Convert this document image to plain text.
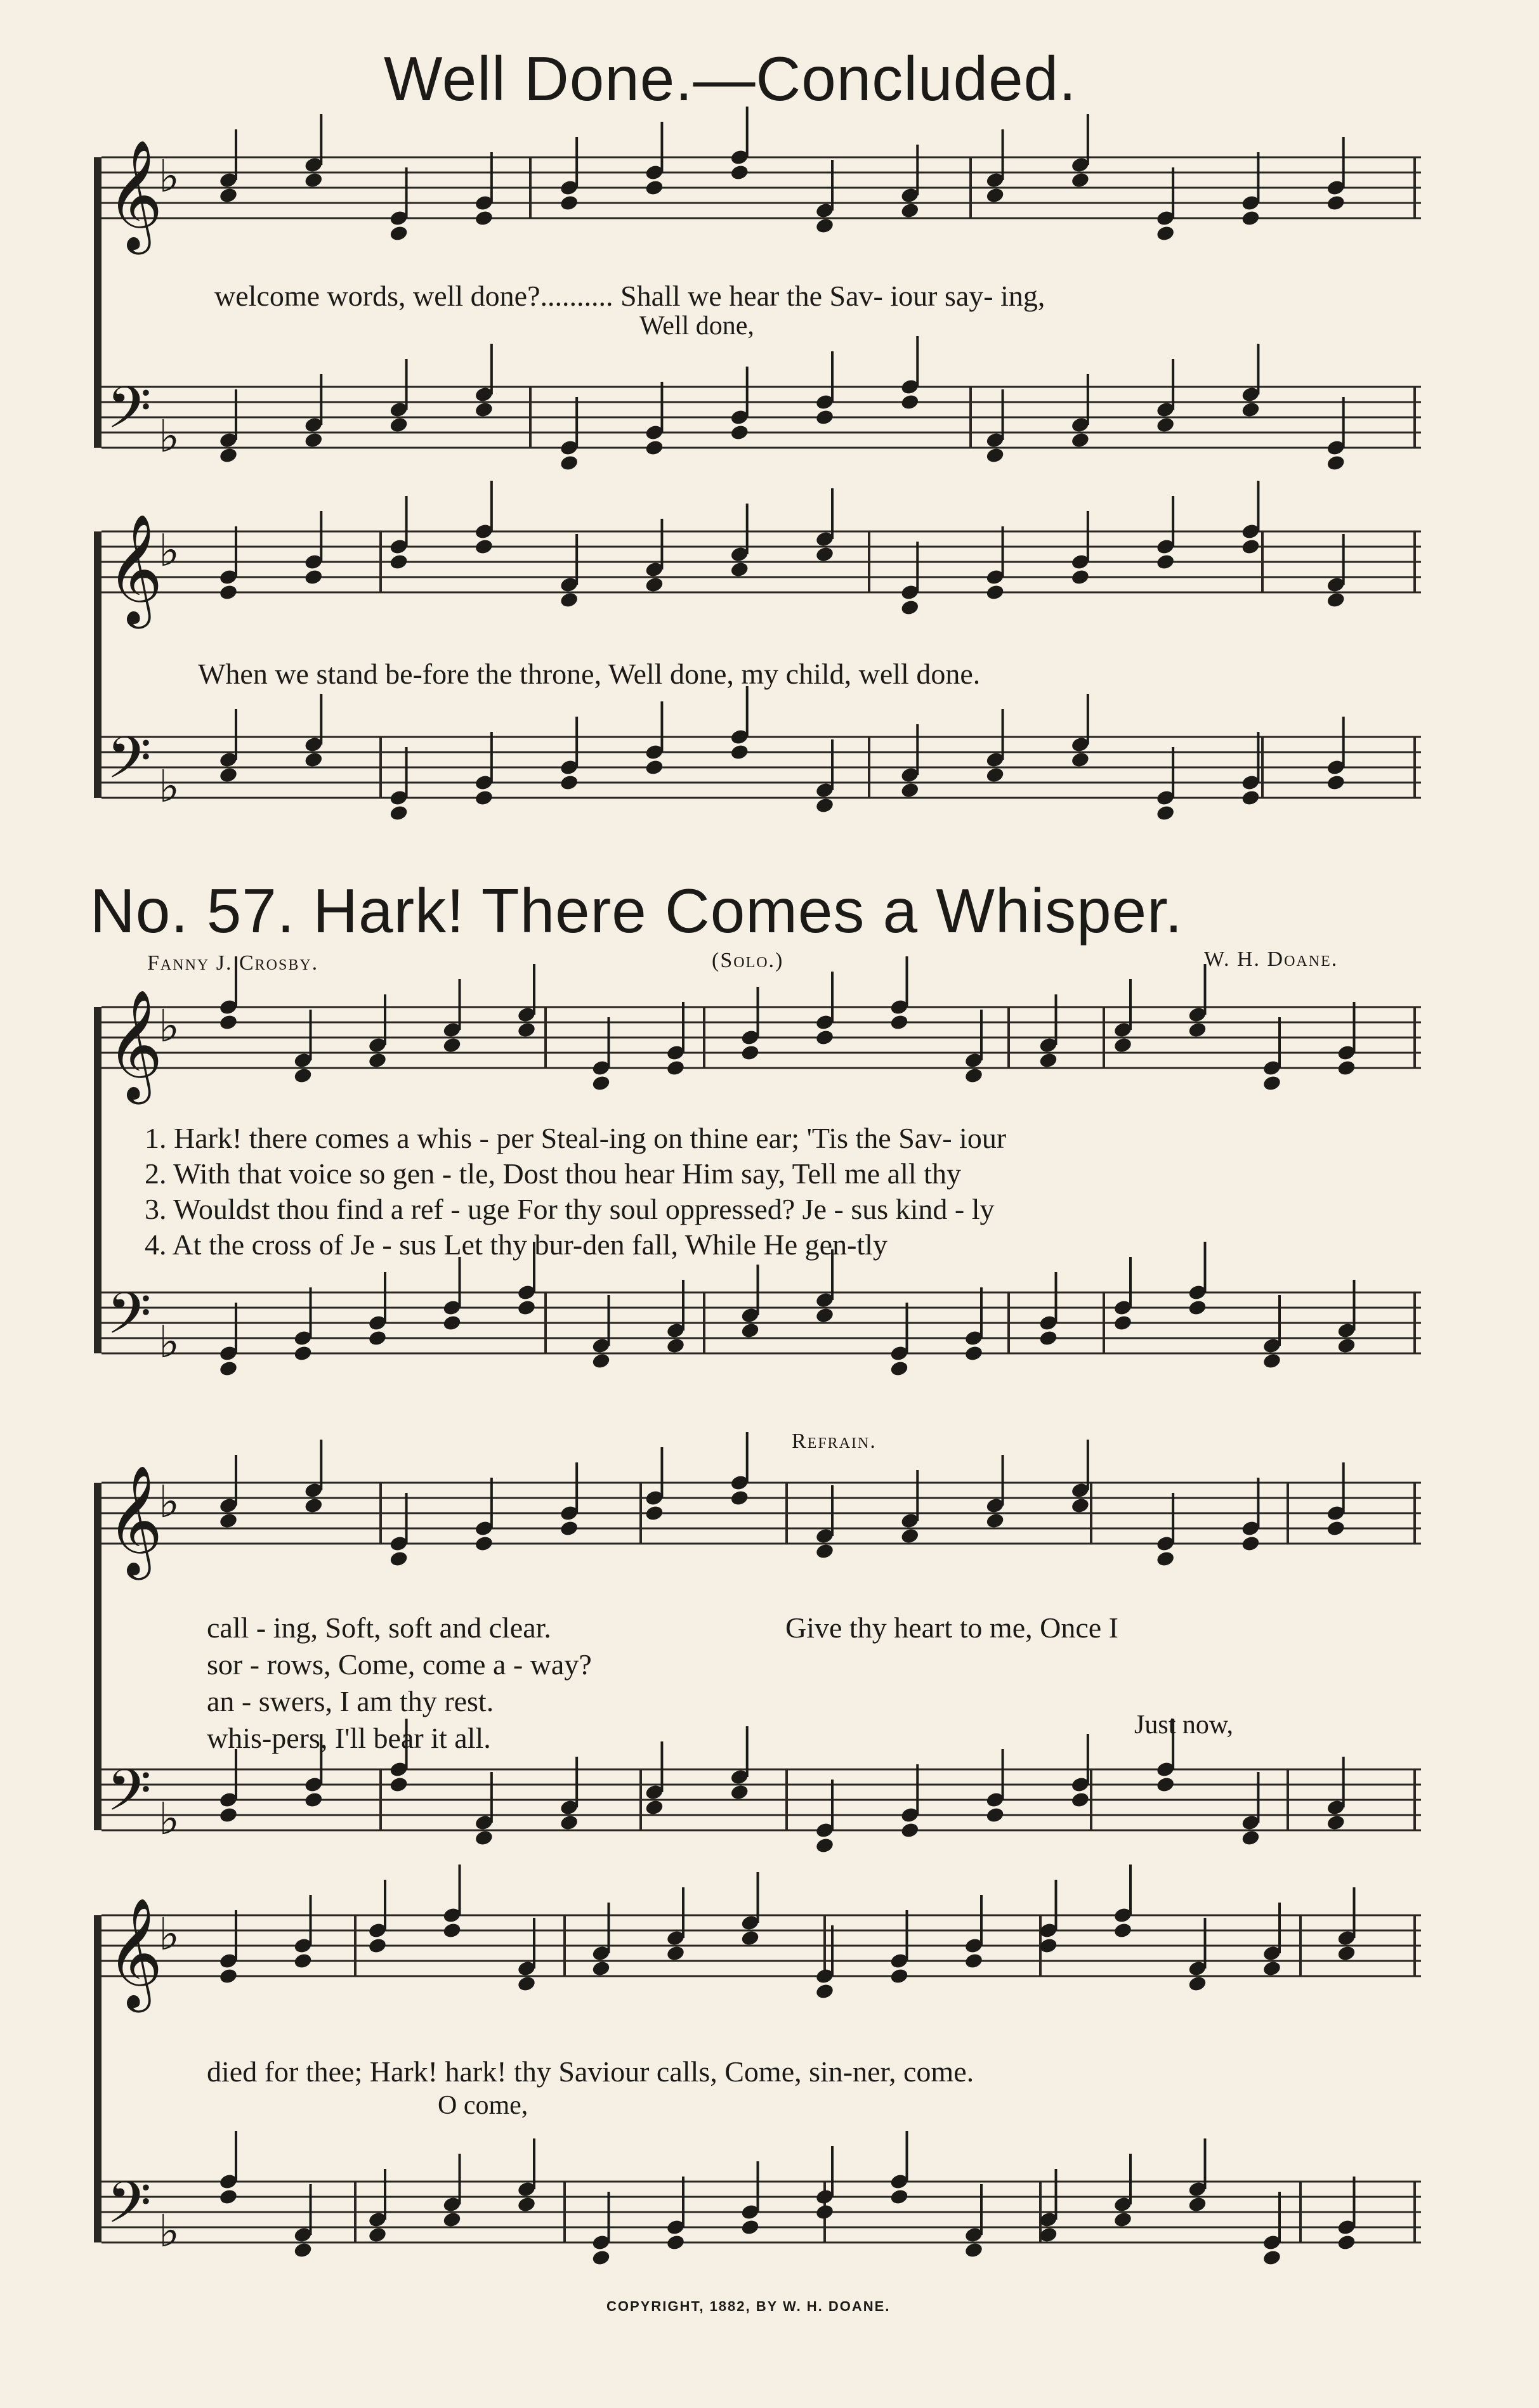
Well Done.—Concluded.
No. 57. Hark! There Comes a Whisper.
Fanny J. Crosby.	(Solo.)	W. H. Doane.
welcome words, well done?.......... Shall we hear the Sav- iour say- ing,
Well done,
When we stand be-fore the throne, Well done, my child, well done.
1. Hark! there comes a whis - per Steal-ing on thine ear; 'Tis the Sav- iour
2. With that voice so gen - tle, Dost thou hear Him say, Tell me all thy
3. Wouldst thou find a ref - uge For thy soul oppressed? Je - sus kind - ly
4. At the cross of Je - sus Let thy bur-den fall, While He gen-tly
Refrain.
call - ing, Soft, soft and clear.
sor - rows, Come, come a - way?
an - swers, I am thy rest.
whis-pers, I'll bear it all.
Give thy heart to me, Once I
Just now,
died for thee; Hark! hark! thy Saviour calls, Come, sin-ner, come.
O come,
COPYRIGHT, 1882, BY W. H. DOANE.
𝄞
♭
𝄢 ♭
𝄞
♭
𝄢 ♭
𝄞
♭
𝄢 ♭
𝄞
♭
𝄢 ♭
𝄞
♭
𝄢 ♭
